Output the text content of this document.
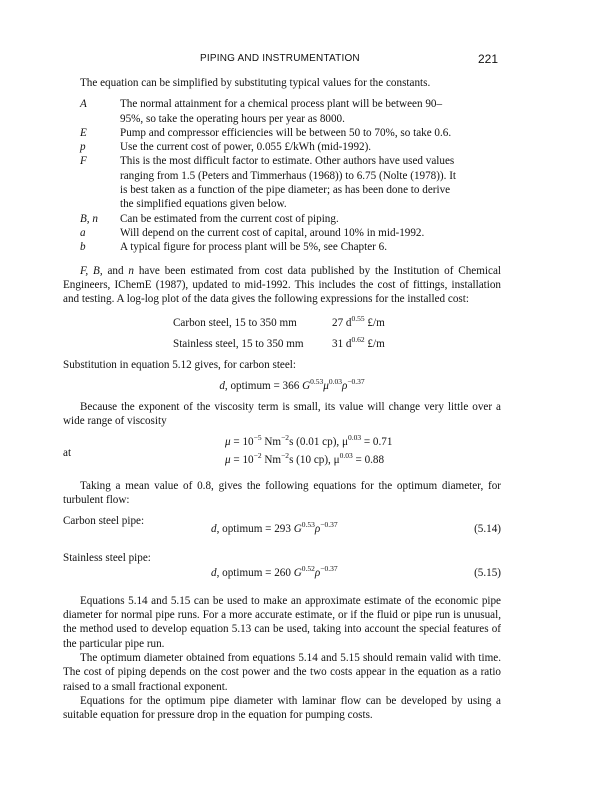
PIPING AND INSTRUMENTATION	221

The equation can be simplified by substituting typical values for the constants.

A	The normal attainment for a chemical process plant will be between 90–95%, so take the operating hours per year as 8000.
E	Pump and compressor efficiencies will be between 50 to 70%, so take 0.6.
p	Use the current cost of power, 0.055 £/kWh (mid-1992).
F	This is the most difficult factor to estimate. Other authors have used values ranging from 1.5 (Peters and Timmerhaus (1968)) to 6.75 (Nolte (1978)). It is best taken as a function of the pipe diameter; as has been done to derive the simplified equations given below.
B, n	Can be estimated from the current cost of piping.
a	Will depend on the current cost of capital, around 10% in mid-1992.
b	A typical figure for process plant will be 5%, see Chapter 6.

F, B, and n have been estimated from cost data published by the Institution of Chemical Engineers, IChemE (1987), updated to mid-1992. This includes the cost of fittings, installation and testing. A log-log plot of the data gives the following expressions for the installed cost:

Carbon steel, 15 to 350 mm	27 $d^{0.55}$ £/m
Stainless steel, 15 to 350 mm	31 $d^{0.62}$ £/m

Substitution in equation 5.12 gives, for carbon steel:

d, optimum = 366 $G^{0.53}\mu^{0.03}\rho^{-0.37}$

Because the exponent of the viscosity term is small, its value will change very little over a wide range of viscosity

at
$\mu = 10^{-5}$ $Nm^{-2}s$ (0.01 cp), $\mu^{0.03} = 0.71$
$\mu = 10^{-2}$ $Nm^{-2}s$ (10 cp), $\mu^{0.03} = 0.88$

Taking a mean value of 0.8, gives the following equations for the optimum diameter, for turbulent flow:

Carbon steel pipe:

d, optimum = 293 $G^{0.53}\rho^{-0.37}$	(5.14)

Stainless steel pipe:

d, optimum = 260 $G^{0.52}\rho^{-0.37}$	(5.15)

Equations 5.14 and 5.15 can be used to make an approximate estimate of the economic pipe diameter for normal pipe runs. For a more accurate estimate, or if the fluid or pipe run is unusual, the method used to develop equation 5.13 can be used, taking into account the special features of the particular pipe run.

The optimum diameter obtained from equations 5.14 and 5.15 should remain valid with time. The cost of piping depends on the cost power and the two costs appear in the equation as a ratio raised to a small fractional exponent.

Equations for the optimum pipe diameter with laminar flow can be developed by using a suitable equation for pressure drop in the equation for pumping costs.
